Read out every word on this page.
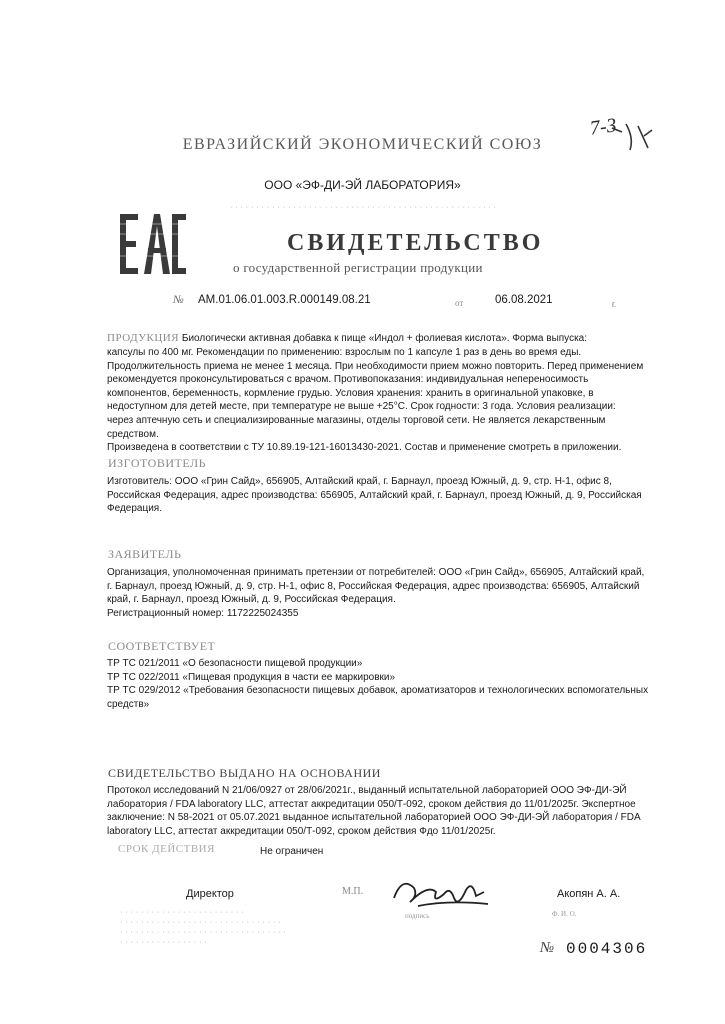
ЕВРАЗИЙСКИЙ ЭКОНОМИЧЕСКИЙ СОЮЗ
7-3
ООО «ЭФ-ДИ-ЭЙ ЛАБОРАТОРИЯ»
· · · · · · · · · · · · · · · · · · · · · · · · · · · · · · · · · · · · · · · · · · · · · · · · · · ·
ЕАС
СВИДЕТЕЛЬСТВО
о государственной регистрации продукции
№ AM.01.06.01.003.R.000149.08.21	от	06.08.2021	г.
ПРОДУКЦИЯ Биологически активная добавка к пище «Индол + фолиевая кислота». Форма выпуска:
капсулы по 400 мг. Рекомендации по применению: взрослым по 1 капсуле 1 раз в день во время еды.
Продолжительность приема не менее 1 месяца. При необходимости прием можно повторить. Перед применением
рекомендуется проконсультироваться с врачом. Противопоказания: индивидуальная непереносимость
компонентов, беременность, кормление грудью. Условия хранения: хранить в оригинальной упаковке, в
недоступном для детей месте, при температуре не выше +25°C. Срок годности: 3 года. Условия реализации:
через аптечную сеть и специализированные магазины, отделы торговой сети. Не является лекарственным
средством.
Произведена в соответствии с ТУ 10.89.19-121-16013430-2021. Состав и применение смотреть в приложении.
ИЗГОТОВИТЕЛЬ
Изготовитель: ООО «Грин Сайд», 656905, Алтайский край, г. Барнаул, проезд Южный, д. 9, стр. Н-1, офис 8,
Российская Федерация, адрес производства: 656905, Алтайский край, г. Барнаул, проезд Южный, д. 9, Российская
Федерация.
ЗАЯВИТЕЛЬ
Организация, уполномоченная принимать претензии от потребителей: ООО «Грин Сайд», 656905, Алтайский край,
г. Барнаул, проезд Южный, д. 9, стр. Н-1, офис 8, Российская Федерация, адрес производства: 656905, Алтайский
край, г. Барнаул, проезд Южный, д. 9, Российская Федерация.
Регистрационный номер: 1172225024355
СООТВЕТСТВУЕТ
ТР ТС 021/2011 «О безопасности пищевой продукции»
ТР ТС 022/2011 «Пищевая продукция в части ее маркировки»
ТР ТС 029/2012 «Требования безопасности пищевых добавок, ароматизаторов и технологических вспомогательных
средств»
СВИДЕТЕЛЬСТВО ВЫДАНО НА ОСНОВАНИИ
Протокол исследований N 21/06/0927 от 28/06/2021г., выданный испытательной лабораторией ООО ЭФ-ДИ-ЭЙ
лаборатория / FDA laboratory LLC, аттестат аккредитации 050/Т-092, сроком действия до 11/01/2025г. Экспертное
заключение: N 58-2021 от 05.07.2021 выданное испытательной лабораторией ООО ЭФ-ДИ-ЭЙ лаборатория / FDA
laboratory LLC, аттестат аккредитации 050/Т-092, сроком действия Фдо 11/01/2025г.
СРОК ДЕЙСТВИЯ	Не ограничен
Директор	М.П.
подпись
Акопян А. А.
Ф. И. О.
· · · · · · · · · · · · · · · · · · · · · · · ·
· · · · · · · · · · · · · · · · · · · · · · · · · · · · · · ·
· · · · · · · · · · · · · · · · · · · · · · · · · · · · · · · ·
· · · · · · · · · · · · · · · · ·	№ 0004306
